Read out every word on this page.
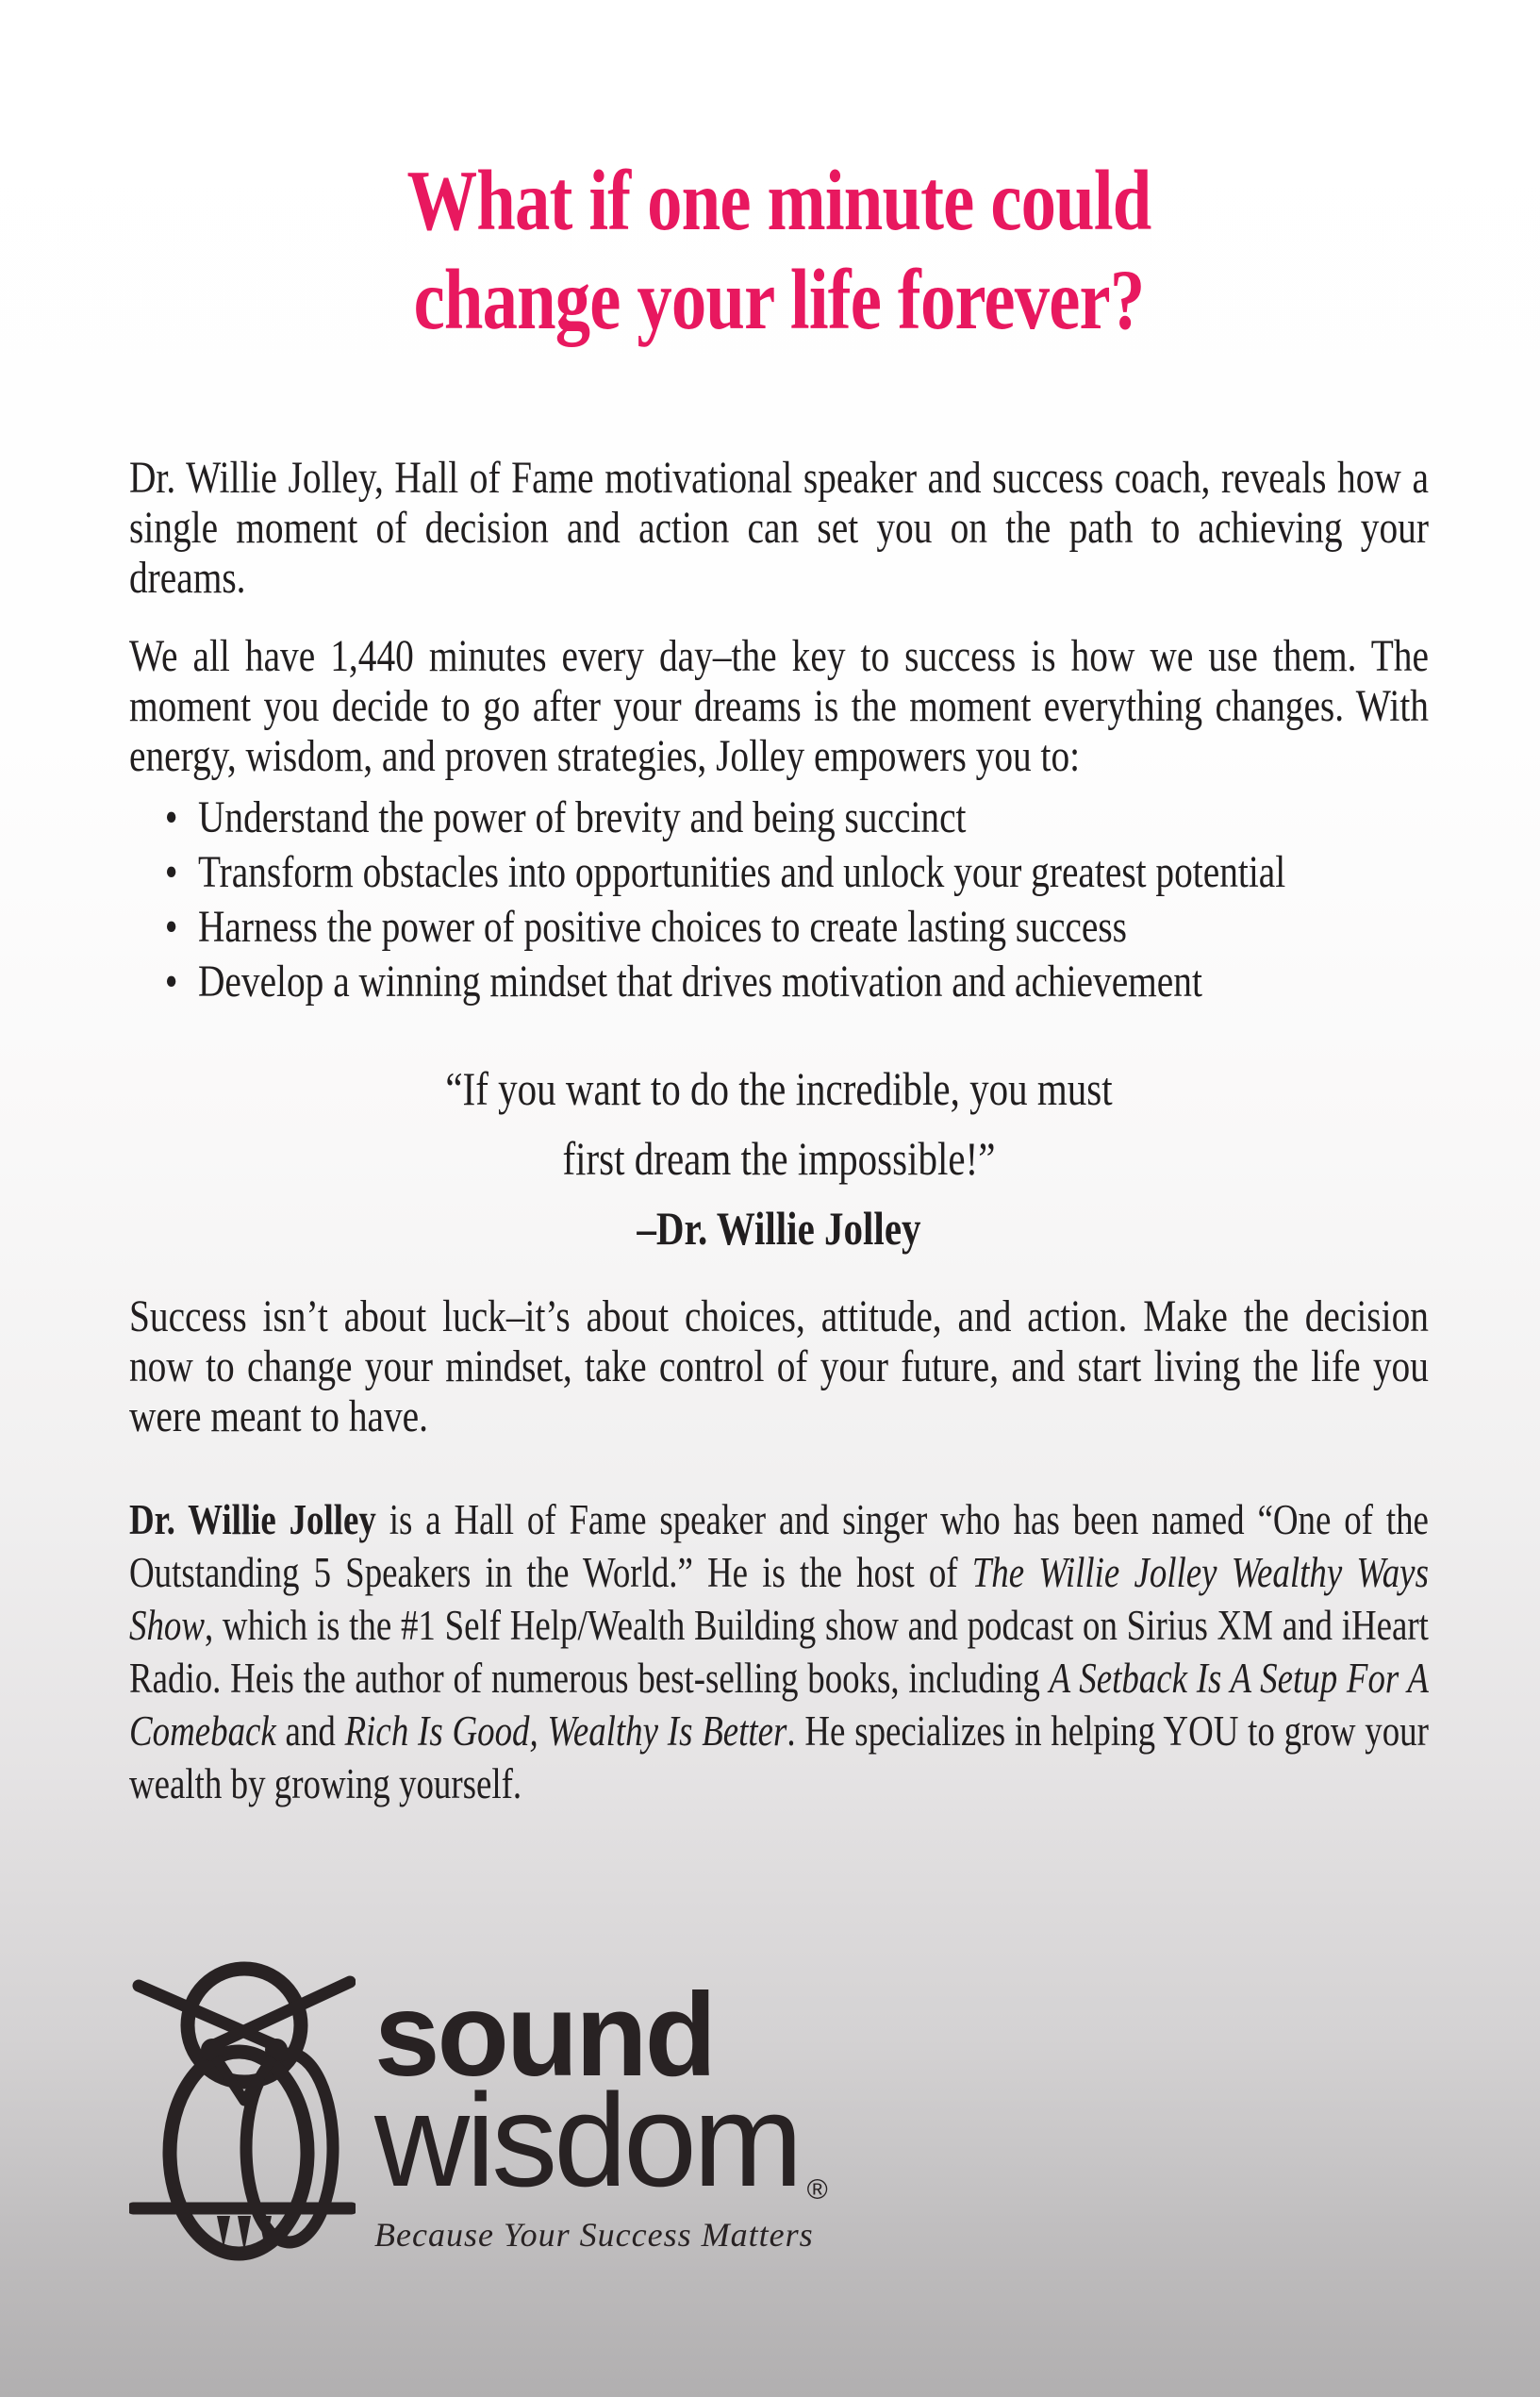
What if one minute could
change your life forever?

Dr. Willie Jolley, Hall of Fame motivational speaker and success coach, reveals how a single moment of decision and action can set you on the path to achieving your dreams.

We all have 1,440 minutes every day–the key to success is how we use them. The moment you decide to go after your dreams is the moment everything changes. With energy, wisdom, and proven strategies, Jolley empowers you to:

• Understand the power of brevity and being succinct
• Transform obstacles into opportunities and unlock your greatest potential
• Harness the power of positive choices to create lasting success
• Develop a winning mindset that drives motivation and achievement
“If you want to do the incredible, you must
first dream the impossible!”
–Dr. Willie Jolley

Success isn’t about luck–it’s about choices, attitude, and action. Make the decision now to change your mindset, take control of your future, and start living the life you were meant to have.

Dr. Willie Jolley is a Hall of Fame speaker and singer who has been named “One of the Outstanding 5 Speakers in the World.” He is the host of The Willie Jolley Wealthy Ways Show, which is the #1 Self Help/Wealth Building show and podcast on Sirius XM and iHeart Radio. Heis the author of numerous best-selling books, including A Setback Is A Setup For A Comeback and Rich Is Good, Wealthy Is Better. He specializes in helping YOU to grow your wealth by growing yourself.

sound
wisdom ®
Because Your Success Matters
